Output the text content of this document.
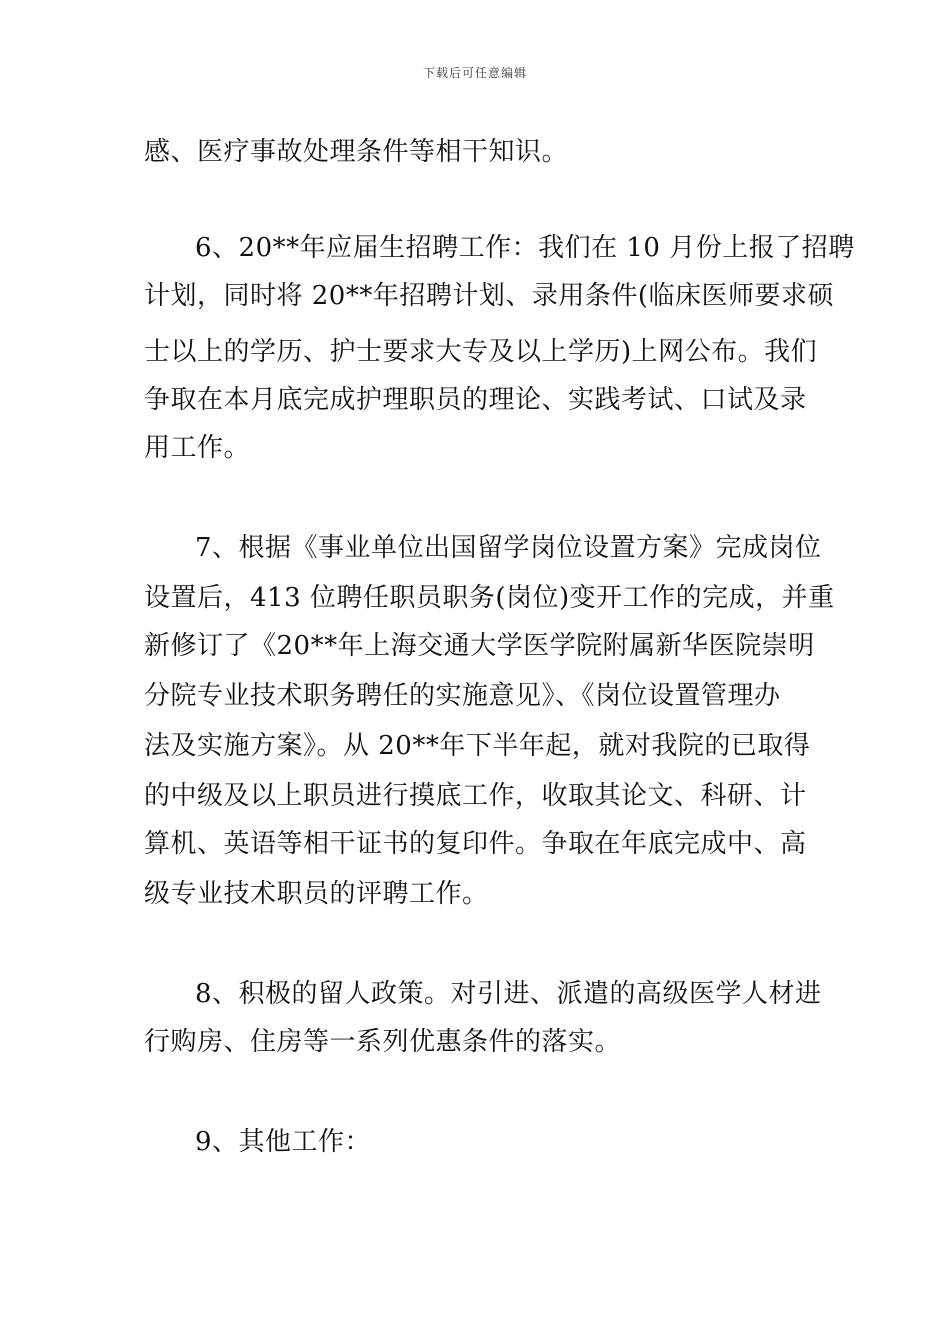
下载后可任意编辑
感、医疗事故处理条件等相干知识。
6、20**年应届生招聘工作：我们在 10 月份上报了招聘
计划，同时将 20**年招聘计划、录用条件(临床医师要求硕
士以上的学历、护士要求大专及以上学历)上网公布。我们
争取在本月底完成护理职员的理论、实践考试、口试及录
用工作。
7、根据《事业单位出国留学岗位设置方案》完成岗位
设置后，413 位聘任职员职务(岗位)变开工作的完成，并重
新修订了《20**年上海交通大学医学院附属新华医院崇明
分院专业技术职务聘任的实施意见》、《岗位设置管理办
法及实施方案》。从 20**年下半年起，就对我院的已取得
的中级及以上职员进行摸底工作，收取其论文、科研、计
算机、英语等相干证书的复印件。争取在年底完成中、高
级专业技术职员的评聘工作。
8、积极的留人政策。对引进、派遣的高级医学人材进
行购房、住房等一系列优惠条件的落实。
9、其他工作：
